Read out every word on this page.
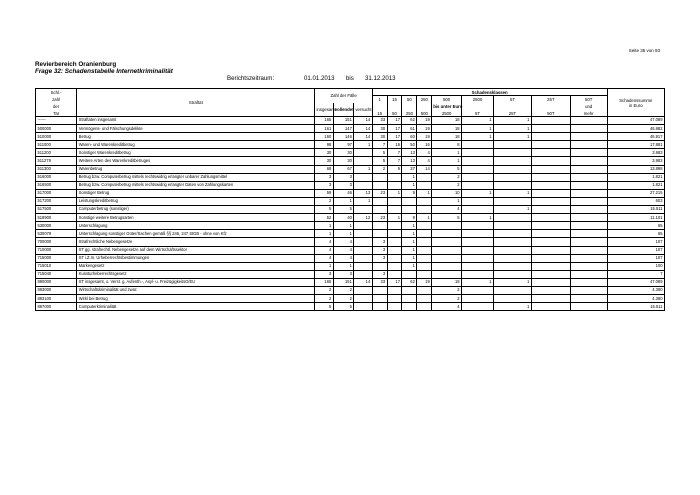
Seite 35 von 93
Revierbereich Oranienburg
Frage 32: Schadenstabelle Internetkriminalität
Berichtszeitraum:	01.01.2013 bis 31.12.2013
Schl.-	Straftat	Zahl der Fälle			Schadensklassen									Schadenssumme
in Euro
zahl					1	15	50	250	500	2500	5T	25T	50T	
der		insgesamt	vollendet	versucht					bis unter Euro				und	
Tat					15	50	250	500	2500	5T	25T	50T	mehr	
------	Straftaten insgesamt	165	151	14	33	17	62	19	18	1	1			47.089
500000	Vermögens- und Fälschungsdelikte	161	147	14	30	17	61	19	18	1	1			46.982
510000	Betrug	160	146	14	30	17	60	19	18	1	1			46.917
511000	Waren- und Warenkreditbetrug	98	97	1	7	16	50	16	8					17.881
511200	Sonstiger Warenkreditbetrug	30	30		5	7	13	4	1					3.983
511279	Weitere Arten des Warenkreditbetruges	30	30		5	7	13	4	1					3.983
511300	Warenbetrug	68	67	1	2	9	37	14	5					13.898
516000	Betrug bzw. Computerbetrug mittels rechtswidrig erlangter unbarer Zahlungsmittel	3	3				1		2					1.821
516500	Betrug bzw. Computerbetrug mittels rechtswidrig erlangter Daten von Zahlungskarten	3	3				1		2					1.821
517000	Sonstiger Betrug	59	46	13	23	1	9	1	10	1	1			27.215
517200	Leistungskreditbetrug	2	1	1					1					603
517500	Computerbetrug (sonstiger)	5	5						4		1			15.511
518900	Sonstige weitere Betrugsarten	52	40	12	23	1	9	1	5	1				11.101
530000	Unterschlagung	1	1				1							65
530079	Unterschlagung sonstiger Güter/Sachen gemäß §§ 246, 247 StGB - ohne von Kfz	1	1				1							65
700000	Strafrechtliche Nebengesetze	4	4		3		1							107
710000	ST gg. strafrechtl. Nebengesetze auf dem Wirtschaftssektor	4	4		3		1							107
715000	ST i.Z.m. Urheberrechtsbestimmungen	4	4		3		1							107
715010	Markengesetz	1	1				1							100
715040	Kunsturheberrechtsgesetz	3	3		3									7
890000	ST insgesamt, o. Verst. g. Aufenth.-, Asyl- u. FreizügigkeitsG/EU	165	151	14	33	17	62	19	18	1	1			47.089
893000	Wirtschaftskriminalität und zwar:	2	2						2					4.380
893100	Wirkl bei Betrug	2	2						2					4.380
897000	Computerkriminalität	5	5						4		1			15.511
